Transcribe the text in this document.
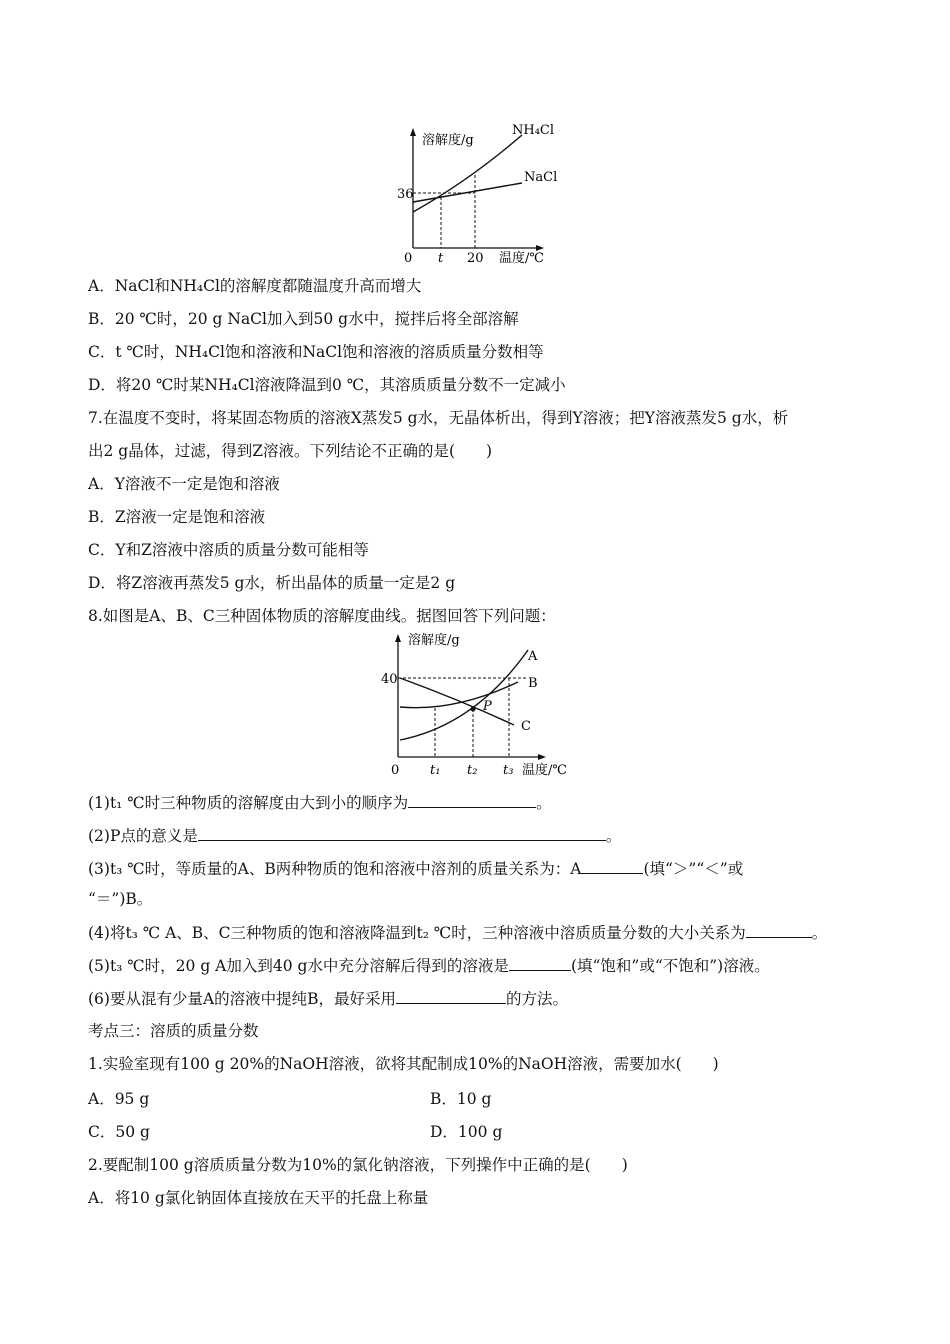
溶解度/g
36
0 t 20 温度/℃
NH₄Cl
NaCl
A．NaCl和NH₄Cl的溶解度都随温度升高而增大
B．20 ℃时，20 g NaCl加入到50 g水中，搅拌后将全部溶解
C．t ℃时，NH₄Cl饱和溶液和NaCl饱和溶液的溶质质量分数相等
D．将20 ℃时某NH₄Cl溶液降温到0 ℃，其溶质质量分数不一定减小
7.在温度不变时，将某固态物质的溶液X蒸发5 g水，无晶体析出，得到Y溶液；把Y溶液蒸发5 g水，析
出2 g晶体，过滤，得到Z溶液。下列结论不正确的是(　　)
A．Y溶液不一定是饱和溶液
B．Z溶液一定是饱和溶液
C．Y和Z溶液中溶质的质量分数可能相等
D．将Z溶液再蒸发5 g水，析出晶体的质量一定是2 g
8.如图是A、B、C三种固体物质的溶解度曲线。据图回答下列问题：
P
溶解度/g
40
0 t₁ t₂ t₃ 温度/℃
A
B
C
(1)t₁ ℃时三种物质的溶解度由大到小的顺序为	。
(2)P点的意义是	。
(3)t₃ ℃时，等质量的A、B两种物质的饱和溶液中溶剂的质量关系为：A	(填“＞”“＜”或
“＝”)B。
(4)将t₃ ℃ A、B、C三种物质的饱和溶液降温到t₂ ℃时，三种溶液中溶质质量分数的大小关系为	。
(5)t₃ ℃时，20 g A加入到40 g水中充分溶解后得到的溶液是	(填“饱和”或“不饱和”)溶液。
(6)要从混有少量A的溶液中提纯B，最好采用	的方法。
考点三：溶质的质量分数
1.实验室现有100 g 20%的NaOH溶液，欲将其配制成10%的NaOH溶液，需要加水(　　)
A．95 g	B．10 g
C．50 g	D．100 g
2.要配制100 g溶质质量分数为10%的氯化钠溶液，下列操作中正确的是(　　)
A．将10 g氯化钠固体直接放在天平的托盘上称量
